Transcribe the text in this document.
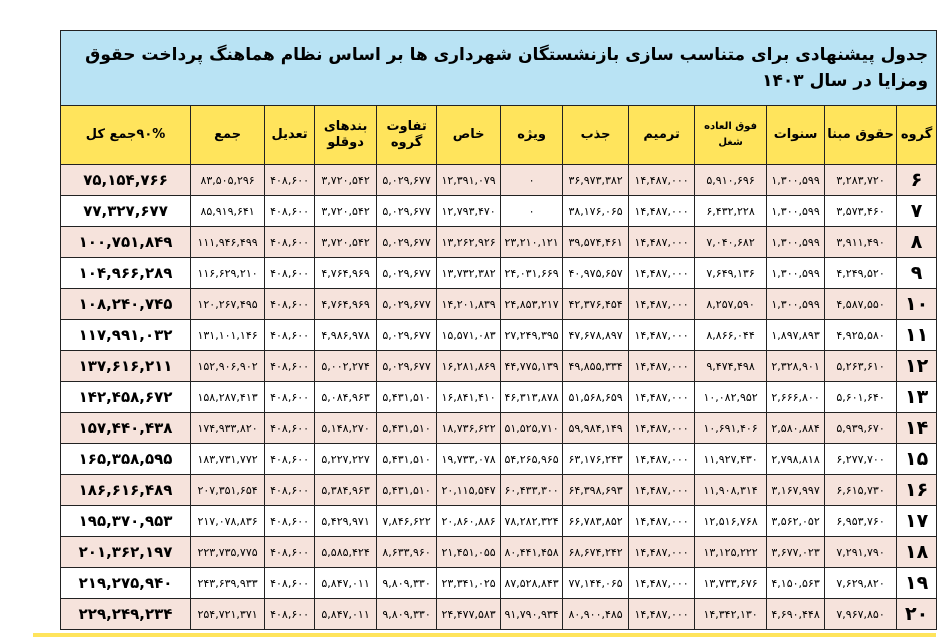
جدول پیشنهادی برای متناسب سازی بازنشستگان شهرداری ها بر اساس نظام هماهنگ پرداخت حقوق ومزایا در سال ۱۴۰۳												
گروه	حقوق مبنا	سنوات	فوق العاده شغل	ترمیم	جذب	ویژه	خاص	تفاوت گروه	بندهای دوقلو	تعدیل	جمع	۹۰%جمع کل
۶	۳,۲۸۳,۷۲۰	۱,۳۰۰,۵۹۹	۵,۹۱۰,۶۹۶	۱۴,۴۸۷,۰۰۰	۳۶,۹۷۳,۳۸۲	۰	۱۲,۳۹۱,۰۷۹	۵,۰۲۹,۶۷۷	۳,۷۲۰,۵۴۲	۴۰۸,۶۰۰	۸۳,۵۰۵,۲۹۶	۷۵,۱۵۴,۷۶۶
۷	۳,۵۷۳,۴۶۰	۱,۳۰۰,۵۹۹	۶,۴۳۲,۲۲۸	۱۴,۴۸۷,۰۰۰	۳۸,۱۷۶,۰۶۵	۰	۱۲,۷۹۳,۴۷۰	۵,۰۲۹,۶۷۷	۳,۷۲۰,۵۴۲	۴۰۸,۶۰۰	۸۵,۹۱۹,۶۴۱	۷۷,۳۲۷,۶۷۷
۸	۳,۹۱۱,۴۹۰	۱,۳۰۰,۵۹۹	۷,۰۴۰,۶۸۲	۱۴,۴۸۷,۰۰۰	۳۹,۵۷۴,۴۶۱	۲۳,۲۱۰,۱۲۱	۱۳,۲۶۲,۹۲۶	۵,۰۲۹,۶۷۷	۳,۷۲۰,۵۴۲	۴۰۸,۶۰۰	۱۱۱,۹۴۶,۴۹۹	۱۰۰,۷۵۱,۸۴۹
۹	۴,۲۴۹,۵۲۰	۱,۳۰۰,۵۹۹	۷,۶۴۹,۱۳۶	۱۴,۴۸۷,۰۰۰	۴۰,۹۷۵,۶۵۷	۲۴,۰۳۱,۶۶۹	۱۳,۷۳۲,۳۸۲	۵,۰۲۹,۶۷۷	۴,۷۶۴,۹۶۹	۴۰۸,۶۰۰	۱۱۶,۶۲۹,۲۱۰	۱۰۴,۹۶۶,۲۸۹
۱۰	۴,۵۸۷,۵۵۰	۱,۳۰۰,۵۹۹	۸,۲۵۷,۵۹۰	۱۴,۴۸۷,۰۰۰	۴۲,۳۷۶,۴۵۴	۲۴,۸۵۳,۲۱۷	۱۴,۲۰۱,۸۳۹	۵,۰۲۹,۶۷۷	۴,۷۶۴,۹۶۹	۴۰۸,۶۰۰	۱۲۰,۲۶۷,۴۹۵	۱۰۸,۲۴۰,۷۴۵
۱۱	۴,۹۲۵,۵۸۰	۱,۸۹۷,۸۹۳	۸,۸۶۶,۰۴۴	۱۴,۴۸۷,۰۰۰	۴۷,۶۷۸,۸۹۷	۲۷,۲۴۹,۳۹۵	۱۵,۵۷۱,۰۸۳	۵,۰۲۹,۶۷۷	۴,۹۸۶,۹۷۸	۴۰۸,۶۰۰	۱۳۱,۱۰۱,۱۴۶	۱۱۷,۹۹۱,۰۳۲
۱۲	۵,۲۶۳,۶۱۰	۲,۳۲۸,۹۰۱	۹,۴۷۴,۴۹۸	۱۴,۴۸۷,۰۰۰	۴۹,۸۵۵,۳۳۴	۴۴,۷۷۵,۱۳۹	۱۶,۲۸۱,۸۶۹	۵,۰۲۹,۶۷۷	۵,۰۰۲,۲۷۴	۴۰۸,۶۰۰	۱۵۲,۹۰۶,۹۰۲	۱۳۷,۶۱۶,۲۱۱
۱۳	۵,۶۰۱,۶۴۰	۲,۶۶۶,۸۰۰	۱۰,۰۸۲,۹۵۲	۱۴,۴۸۷,۰۰۰	۵۱,۵۶۸,۶۵۹	۴۶,۳۱۳,۸۷۸	۱۶,۸۴۱,۴۱۰	۵,۴۳۱,۵۱۰	۵,۰۸۴,۹۶۳	۴۰۸,۶۰۰	۱۵۸,۲۸۷,۴۱۳	۱۴۲,۴۵۸,۶۷۲
۱۴	۵,۹۳۹,۶۷۰	۲,۵۸۰,۸۸۴	۱۰,۶۹۱,۴۰۶	۱۴,۴۸۷,۰۰۰	۵۹,۹۸۴,۱۴۹	۵۱,۵۲۵,۷۱۰	۱۸,۷۳۶,۶۲۲	۵,۴۳۱,۵۱۰	۵,۱۴۸,۲۷۰	۴۰۸,۶۰۰	۱۷۴,۹۳۳,۸۲۰	۱۵۷,۴۴۰,۴۳۸
۱۵	۶,۲۷۷,۷۰۰	۲,۷۹۸,۸۱۸	۱۱,۹۲۷,۴۳۰	۱۴,۴۸۷,۰۰۰	۶۳,۱۷۶,۲۴۳	۵۴,۲۶۵,۹۶۵	۱۹,۷۳۳,۰۷۸	۵,۴۳۱,۵۱۰	۵,۲۲۷,۲۲۷	۴۰۸,۶۰۰	۱۸۳,۷۳۱,۷۷۲	۱۶۵,۳۵۸,۵۹۵
۱۶	۶,۶۱۵,۷۳۰	۳,۱۶۷,۹۹۷	۱۱,۹۰۸,۳۱۴	۱۴,۴۸۷,۰۰۰	۶۴,۳۹۸,۶۹۳	۶۰,۴۳۳,۳۰۰	۲۰,۱۱۵,۵۴۷	۵,۴۳۱,۵۱۰	۵,۳۸۴,۹۶۳	۴۰۸,۶۰۰	۲۰۷,۳۵۱,۶۵۴	۱۸۶,۶۱۶,۴۸۹
۱۷	۶,۹۵۳,۷۶۰	۳,۵۶۲,۰۵۲	۱۲,۵۱۶,۷۶۸	۱۴,۴۸۷,۰۰۰	۶۶,۷۸۳,۸۵۲	۷۸,۲۸۲,۳۲۴	۲۰,۸۶۰,۸۸۶	۷,۸۴۶,۶۲۲	۵,۴۲۹,۹۷۱	۴۰۸,۶۰۰	۲۱۷,۰۷۸,۸۳۶	۱۹۵,۳۷۰,۹۵۳
۱۸	۷,۲۹۱,۷۹۰	۳,۶۷۷,۰۲۳	۱۳,۱۲۵,۲۲۲	۱۴,۴۸۷,۰۰۰	۶۸,۶۷۴,۲۴۲	۸۰,۴۴۱,۴۵۸	۲۱,۴۵۱,۰۵۵	۸,۶۳۳,۹۶۰	۵,۵۸۵,۴۲۴	۴۰۸,۶۰۰	۲۲۳,۷۳۵,۷۷۵	۲۰۱,۳۶۲,۱۹۷
۱۹	۷,۶۲۹,۸۲۰	۴,۱۵۰,۵۶۳	۱۳,۷۳۳,۶۷۶	۱۴,۴۸۷,۰۰۰	۷۷,۱۴۴,۰۶۵	۸۷,۵۲۸,۸۴۳	۲۳,۳۴۱,۰۲۵	۹,۸۰۹,۳۳۰	۵,۸۴۷,۰۱۱	۴۰۸,۶۰۰	۲۴۳,۶۳۹,۹۳۳	۲۱۹,۲۷۵,۹۴۰
۲۰	۷,۹۶۷,۸۵۰	۴,۶۹۰,۴۴۸	۱۴,۳۴۲,۱۳۰	۱۴,۴۸۷,۰۰۰	۸۰,۹۰۰,۴۸۵	۹۱,۷۹۰,۹۳۴	۲۴,۴۷۷,۵۸۳	۹,۸۰۹,۳۳۰	۵,۸۴۷,۰۱۱	۴۰۸,۶۰۰	۲۵۴,۷۲۱,۳۷۱	۲۲۹,۲۴۹,۲۳۴
